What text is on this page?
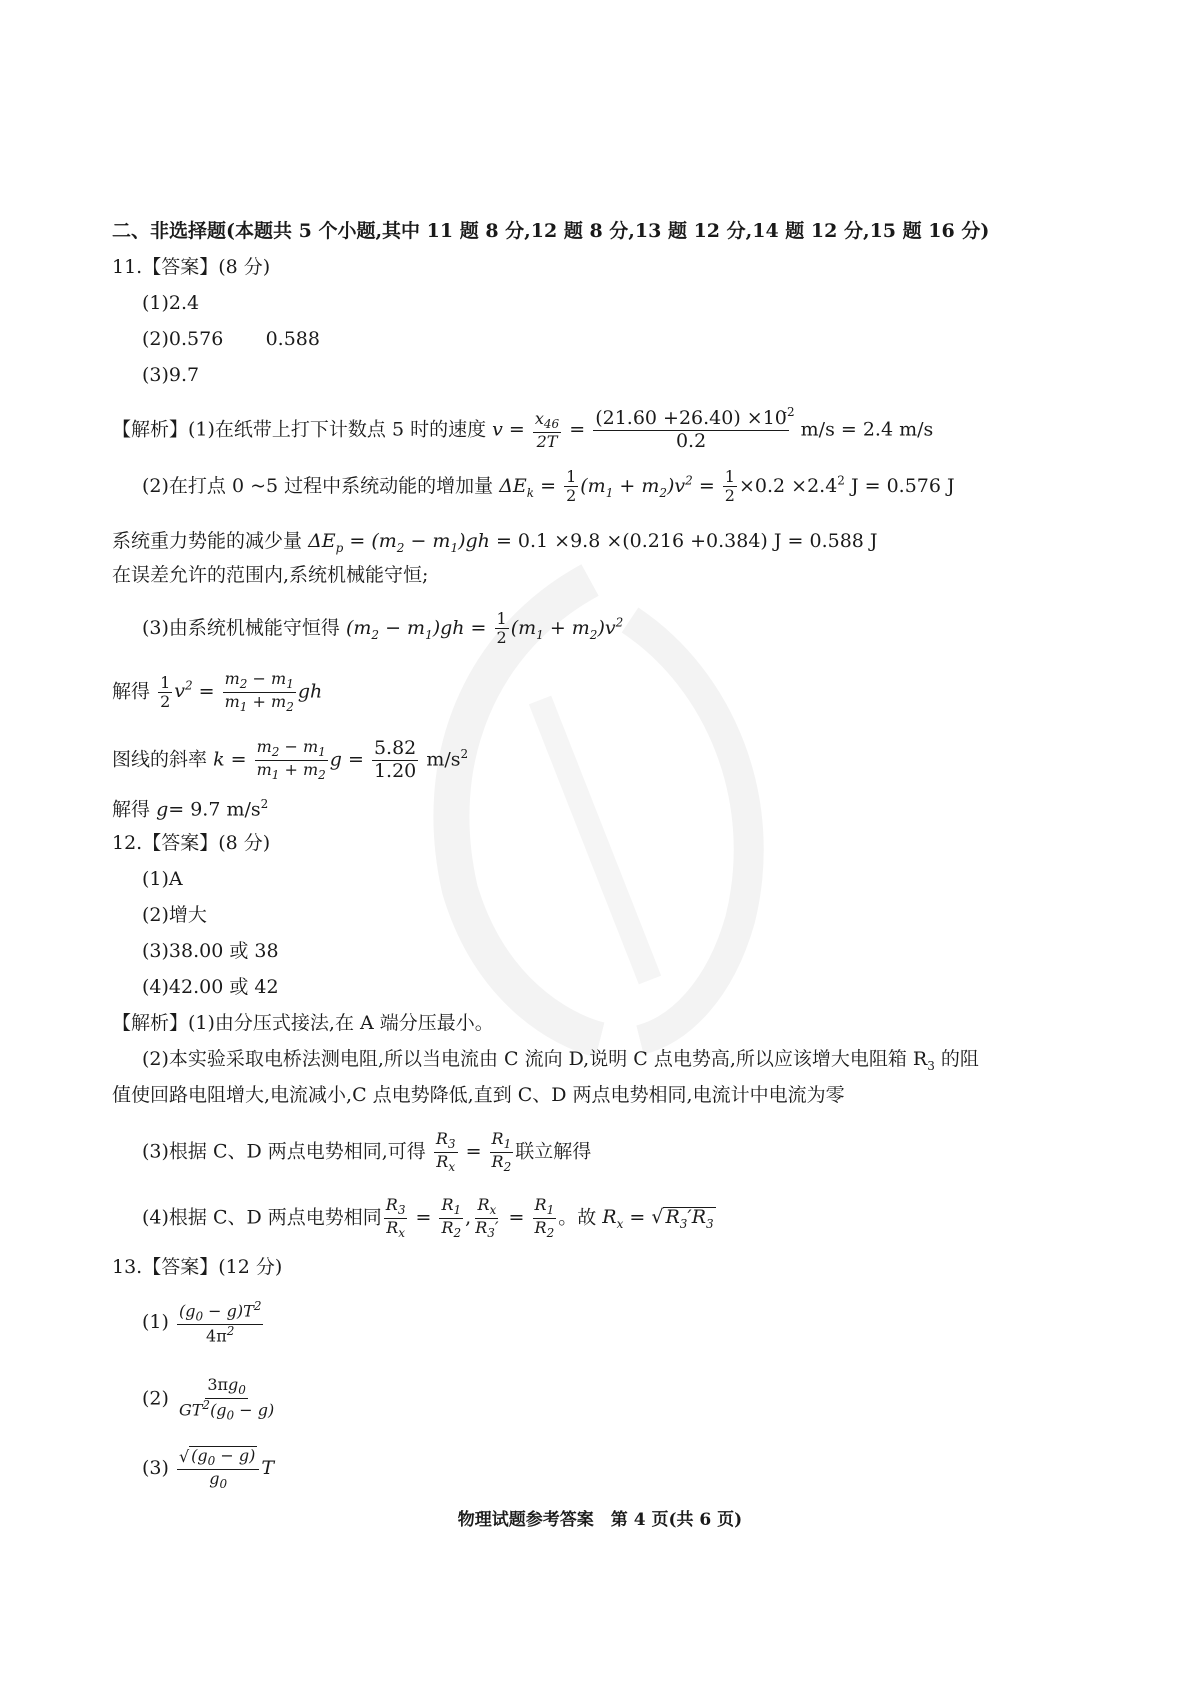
二、非选择题(本题共 5 个小题,其中 11 题 8 分,12 题 8 分,13 题 12 分,14 题 12 分,15 题 16 分)
11.【答案】(8 分)
(1)2.4
(2)0.576 0.588
(3)9.7
【解析】(1)在纸带上打下计数点 5 时的速度 $v = \frac{x_{46}}{2T} = \frac{(21.60 +26.40) \times 10}{0.2}$
$^{-2}$ m/s = 2.4 m/s
(2)在打点 0 ~5 过程中系统动能的增加量 $\Delta E_k = \frac{1}{2} (m_1 + m_2)v^2 = \frac{1}{2} \times 0.2 \times 2.4^2$ J = 0.576 J
系统重力势能的减少量 $\Delta E_p = (m_2 - m_1)gh = 0.1 \times 9.8 \times(0.216 +0.384) J = 0.588$ J
在误差允许的范围内,系统机械能守恒;
(3)由系统机械能守恒得 $(m_2 - m_1)gh = \frac{1}{2} (m_1 + m_2)v^2$
解得 $\frac{1}{2} v^2 = \frac{m_2 - m_1}{m_1 + m_2}$ gh
图线的斜率 $k = \frac{m_2 - m_1}{m_1 + m_2}$ $g = \frac{5.82}{1.20} m/s^2$
解得 g= 9.7 $m/s^2$
12.【答案】(8 分)
(1)A
(2)增大
(3)38.00 或 38
(4)42.00 或 42
【解析】(1)由分压式接法,在 A 端分压最小。
(2)本实验采取电桥法测电阻,所以当电流由 C 流向 D,说明 C 点电势高,所以应该增大电阻箱 $R_3$ 的阻
值使回路电阻增大,电流减小,C 点电势降低,直到 C、D 两点电势相同,电流计中电流为零
(3)根据 C、D 两点电势相同,可得 $\frac{R_3}{R_x} = \frac{R_1}{R_2}$ 联立解得
(4)根据 C、D 两点电势相同 $\frac{R_3}{R_x} = \frac{R_1}{R_2}$ , $\frac{R_x}{R_3'} = \frac{R_1}{R_2}$ 。故 $R_x$ = √ $R_3'R_3$
13.【答案】(12 分)
$(1) \frac{(g_0 - g)T^2}{4\pi^2}$
$(2) \frac{3\pi g_0}{GT^2(g_0 - g)}$
$(3) \frac{√ (g_0 - g)}{g_0}$ T
物理试题参考答案　第 4 页(共 6 页)
